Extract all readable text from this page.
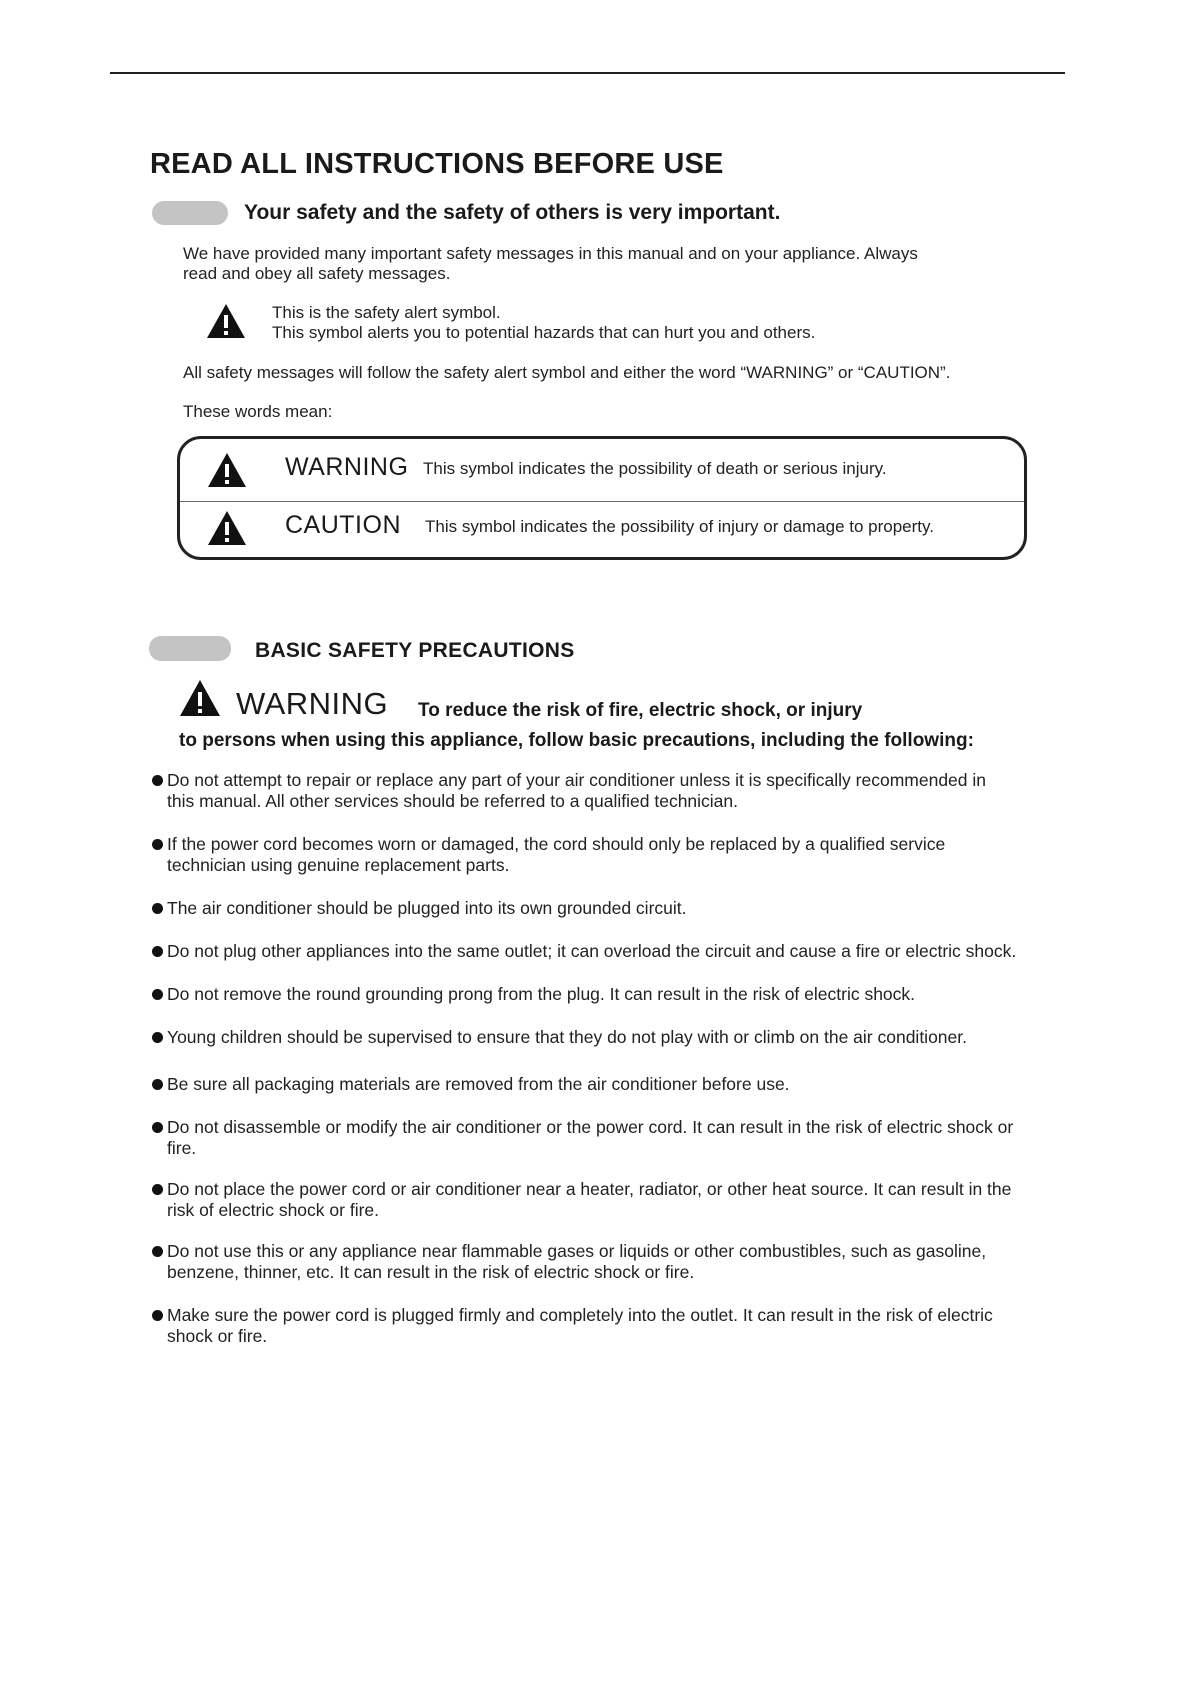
READ ALL INSTRUCTIONS BEFORE USE
Your safety and the safety of others is very important.

We have provided many important safety messages in this manual and on your appliance. Always

read and obey all safety messages.

This is the safety alert symbol.

This symbol alerts you to potential hazards that can hurt you and others.

All safety messages will follow the safety alert symbol and either the word “WARNING” or “CAUTION”.

These words mean:

WARNING This symbol indicates the possibility of death or serious injury.
CAUTION This symbol indicates the possibility of injury or damage to property.
BASIC SAFETY PRECAUTIONS
WARNING To reduce the risk of fire, electric shock, or injury
to persons when using this appliance, follow basic precautions, including the following:
Do not attempt to repair or replace any part of your air conditioner unless it is specifically recommended in
this manual. All other services should be referred to a qualified technician.
If the power cord becomes worn or damaged, the cord should only be replaced by a qualified service
technician using genuine replacement parts.
The air conditioner should be plugged into its own grounded circuit.
Do not plug other appliances into the same outlet; it can overload the circuit and cause a fire or electric shock.
Do not remove the round grounding prong from the plug. It can result in the risk of electric shock.
Young children should be supervised to ensure that they do not play with or climb on the air conditioner.
Be sure all packaging materials are removed from the air conditioner before use.
Do not disassemble or modify the air conditioner or the power cord. It can result in the risk of electric shock or
fire.
Do not place the power cord or air conditioner near a heater, radiator, or other heat source. It can result in the
risk of electric shock or fire.
Do not use this or any appliance near flammable gases or liquids or other combustibles, such as gasoline,
benzene, thinner, etc. It can result in the risk of electric shock or fire.
Make sure the power cord is plugged firmly and completely into the outlet. It can result in the risk of electric
shock or fire.
